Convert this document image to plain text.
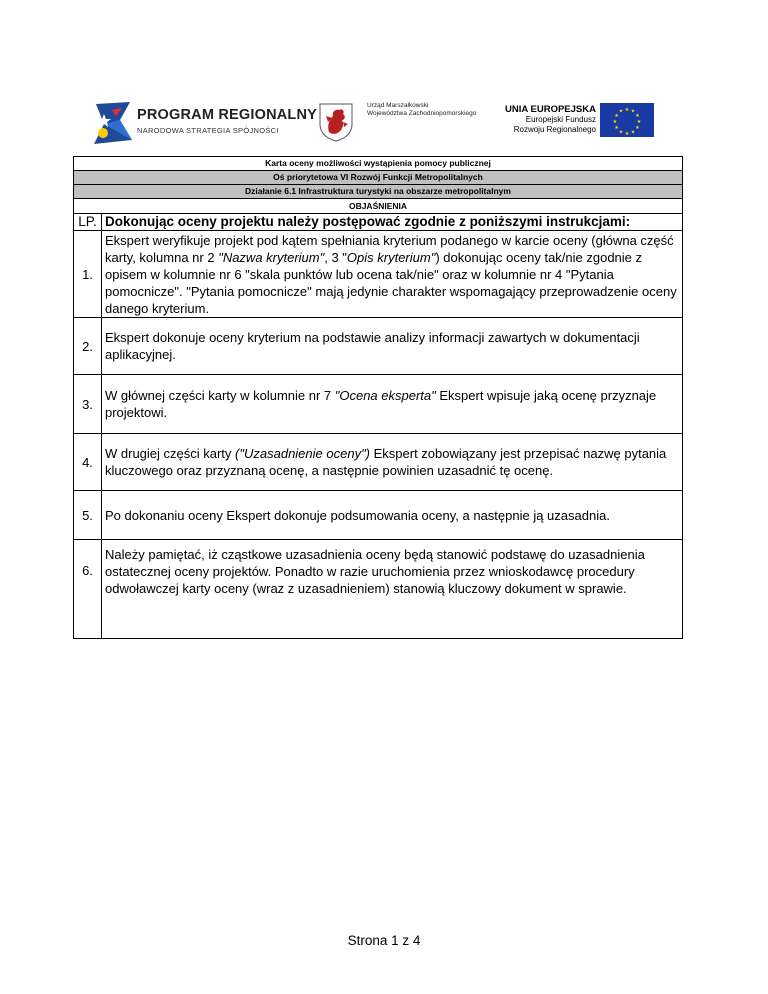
PROGRAM REGIONALNY
NARODOWA STRATEGIA SPÓJNOŚCI
Urząd Marszałkowski
Województwa Zachodniopomorskiego	UNIA EUROPEJSKA
Europejski Fundusz
Rozwoju Regionalnego
★ ★
★
★
★
★
★
★
★
★
★
★
Karta oceny możliwości wystąpienia pomocy publicznej	
Oś priorytetowa VI Rozwój Funkcji Metropolitalnych	
Działanie 6.1 Infrastruktura turystyki na obszarze metropolitalnym	
OBJAŚNIENIA	
LP.	Dokonując oceny projektu należy postępować zgodnie z poniższymi instrukcjami:
1.	Ekspert weryfikuje projekt pod kątem spełniania kryterium podanego w karcie oceny (główna część karty, kolumna nr 2 "Nazwa kryterium", 3 "Opis kryterium") dokonując oceny tak/nie zgodnie z opisem w kolumnie nr 6 "skala punktów lub ocena tak/nie" oraz w kolumnie nr 4 "Pytania pomocnicze". "Pytania pomocnicze" mają jedynie charakter wspomagający przeprowadzenie oceny danego kryterium.
2.	Ekspert dokonuje oceny kryterium na podstawie analizy informacji zawartych w dokumentacji aplikacyjnej.
3.	W głównej części karty w kolumnie nr 7 "Ocena eksperta" Ekspert wpisuje jaką ocenę przyznaje projektowi.
4.	W drugiej części karty ("Uzasadnienie oceny") Ekspert zobowiązany jest przepisać nazwę pytania kluczowego oraz przyznaną ocenę, a następnie powinien uzasadnić tę ocenę.
5.	Po dokonaniu oceny Ekspert dokonuje podsumowania oceny, a następnie ją uzasadnia.
6.	Należy pamiętać, iż cząstkowe uzasadnienia oceny będą stanowić podstawę do uzasadnienia ostatecznej oceny projektów. Ponadto w razie uruchomienia przez wnioskodawcę procedury odwoławczej karty oceny (wraz z uzasadnieniem) stanowią kluczowy dokument w sprawie.
Strona 1 z 4
